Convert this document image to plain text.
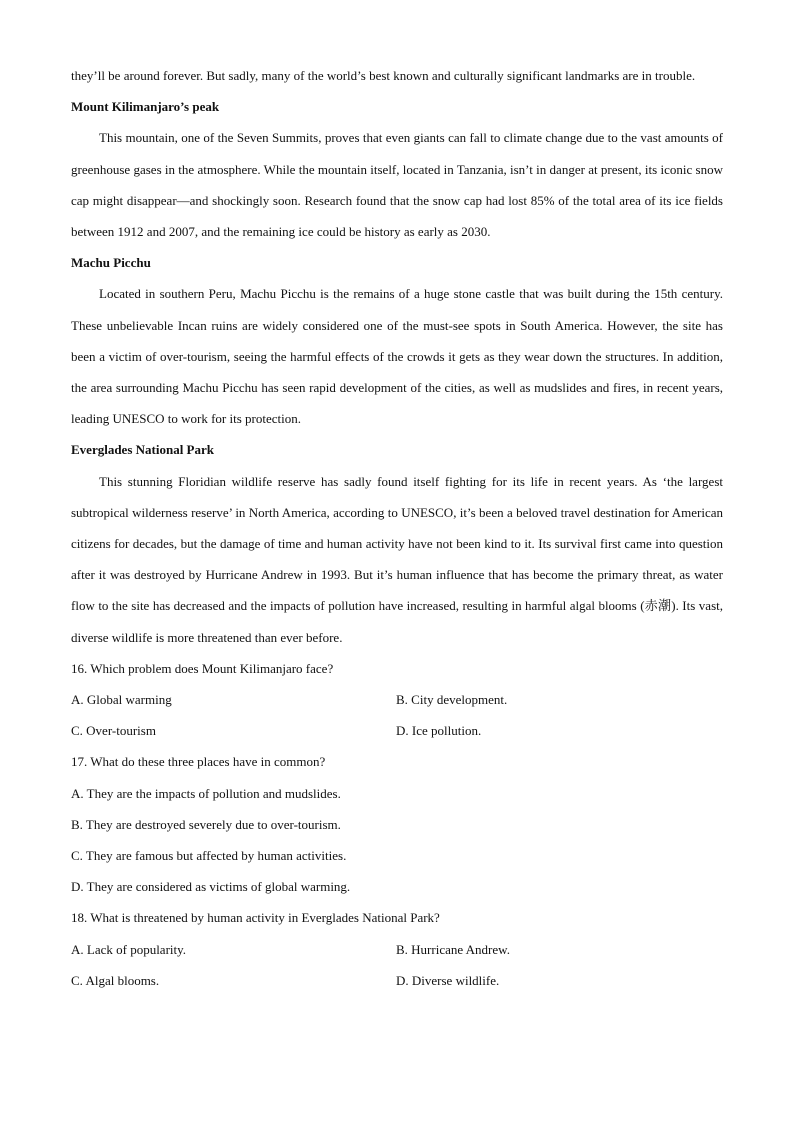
they’ll be around forever. But sadly, many of the world’s best known and culturally significant landmarks are in trouble.

Mount Kilimanjaro’s peak

This mountain, one of the Seven Summits, proves that even giants can fall to climate change due to the vast amounts of greenhouse gases in the atmosphere. While the mountain itself, located in Tanzania, isn’t in danger at present, its iconic snow cap might disappear—and shockingly soon. Research found that the snow cap had lost 85% of the total area of its ice fields between 1912 and 2007, and the remaining ice could be history as early as 2030.

Machu Picchu

Located in southern Peru, Machu Picchu is the remains of a huge stone castle that was built during the 15th century. These unbelievable Incan ruins are widely considered one of the must-see spots in South America. However, the site has been a victim of over-tourism, seeing the harmful effects of the crowds it gets as they wear down the structures. In addition, the area surrounding Machu Picchu has seen rapid development of the cities, as well as mudslides and fires, in recent years, leading UNESCO to work for its protection.

Everglades National Park

This stunning Floridian wildlife reserve has sadly found itself fighting for its life in recent years. As ‘the largest subtropical wilderness reserve’ in North America, according to UNESCO, it’s been a beloved travel destination for American citizens for decades, but the damage of time and human activity have not been kind to it. Its survival first came into question after it was destroyed by Hurricane Andrew in 1993. But it’s human influence that has become the primary threat, as water flow to the site has decreased and the impacts of pollution have increased, resulting in harmful algal blooms (赤潮). Its vast, diverse wildlife is more threatened than ever before.

16. Which problem does Mount Kilimanjaro face?

A. Global warming	B. City development.
C. Over-tourism	D. Ice pollution.

17. What do these three places have in common?

A. They are the impacts of pollution and mudslides.

B. They are destroyed severely due to over-tourism.

C. They are famous but affected by human activities.

D. They are considered as victims of global warming.

18. What is threatened by human activity in Everglades National Park?

A. Lack of popularity.	B. Hurricane Andrew.
C. Algal blooms.	D. Diverse wildlife.
